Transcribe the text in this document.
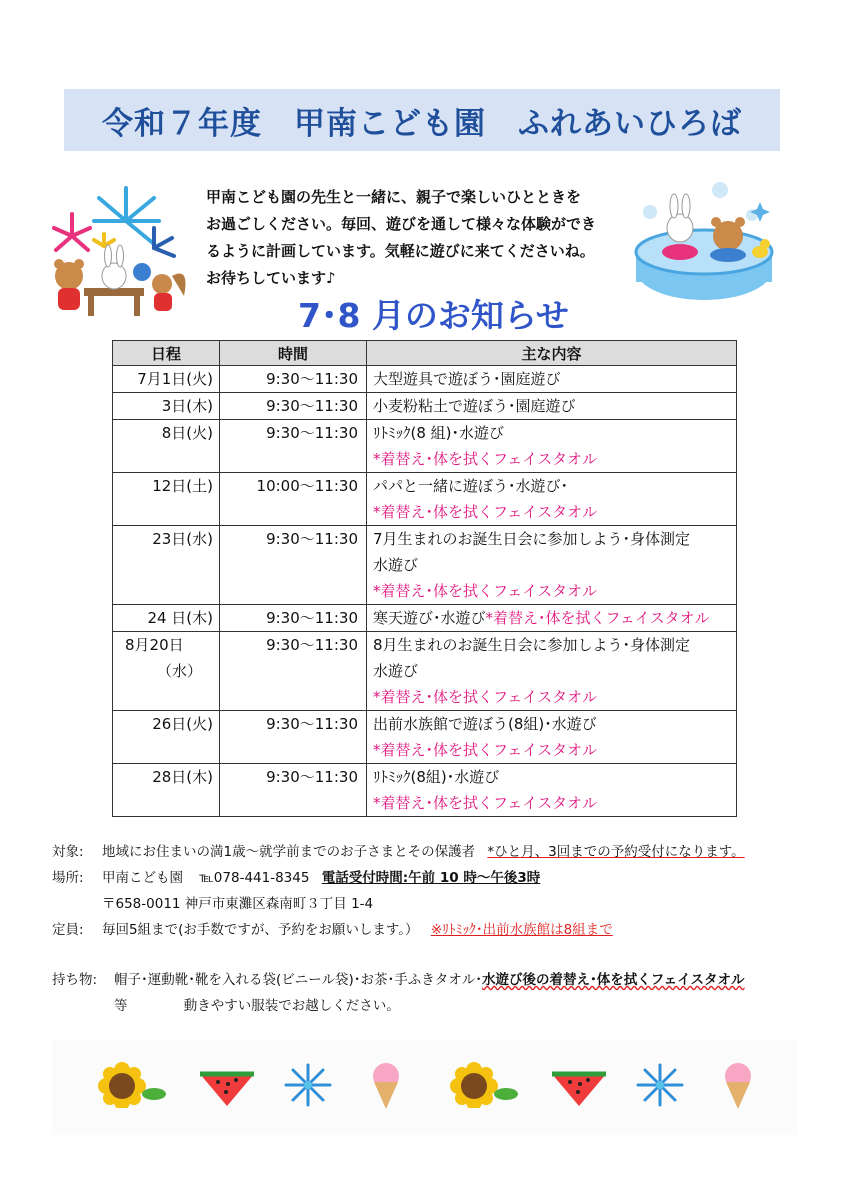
令和７年度　甲南こども園　ふれあいひろば

甲南こども園の先生と一緒に、親子で楽しいひとときを

お過ごしください。毎回、遊びを通して様々な体験ができ

るように計画しています。気軽に遊びに来てくださいね。

お待ちしています♪

7･8 月のお知らせ
日程	時間	主な内容
7月1日(火)	9:30～11:30	大型遊具で遊ぼう･園庭遊び

3日(木)	9:30～11:30	小麦粉粘土で遊ぼう･園庭遊び

8日(火)	9:30～11:30	ﾘﾄﾐｯｸ(8 組)･水遊び
*着替え･体を拭くフェイスタオル

12日(土)	10:00～11:30	パパと一緒に遊ぼう･水遊び･
*着替え･体を拭くフェイスタオル

23日(水)	9:30～11:30	7月生まれのお誕生日会に参加しよう･身体測定
水遊び
*着替え･体を拭くフェイスタオル

24 日(木)	9:30～11:30	寒天遊び･水遊び*着替え･体を拭くフェイスタオル

8月20日
（水）	9:30～11:30	8月生まれのお誕生日会に参加しよう･身体測定
水遊び
*着替え･体を拭くフェイスタオル

26日(火)	9:30～11:30	出前水族館で遊ぼう(8組)･水遊び
*着替え･体を拭くフェイスタオル

28日(木)	9:30～11:30	ﾘﾄﾐｯｸ(8組)･水遊び
*着替え･体を拭くフェイスタオル
対象: 地域にお住まいの満1歳～就学前までのお子さまとその保護者 *ひと月、3回までの予約受付になります。
場所: 甲南こども園 ℡078-441-8345 電話受付時間:午前 10 時～午後3時
〒658-0011 神戸市東灘区森南町３丁目 1-4
定員: 毎回5組まで(お手数ですが、予約をお願いします。） ※ﾘﾄﾐｯｸ･出前水族館は8組まで
持ち物: 帽子･運動靴･靴を入れる袋(ビニール袋)･お茶･手ふきタオル･水遊び後の着替え･体を拭くフェイスタオル
等	動きやすい服装でお越しください。
